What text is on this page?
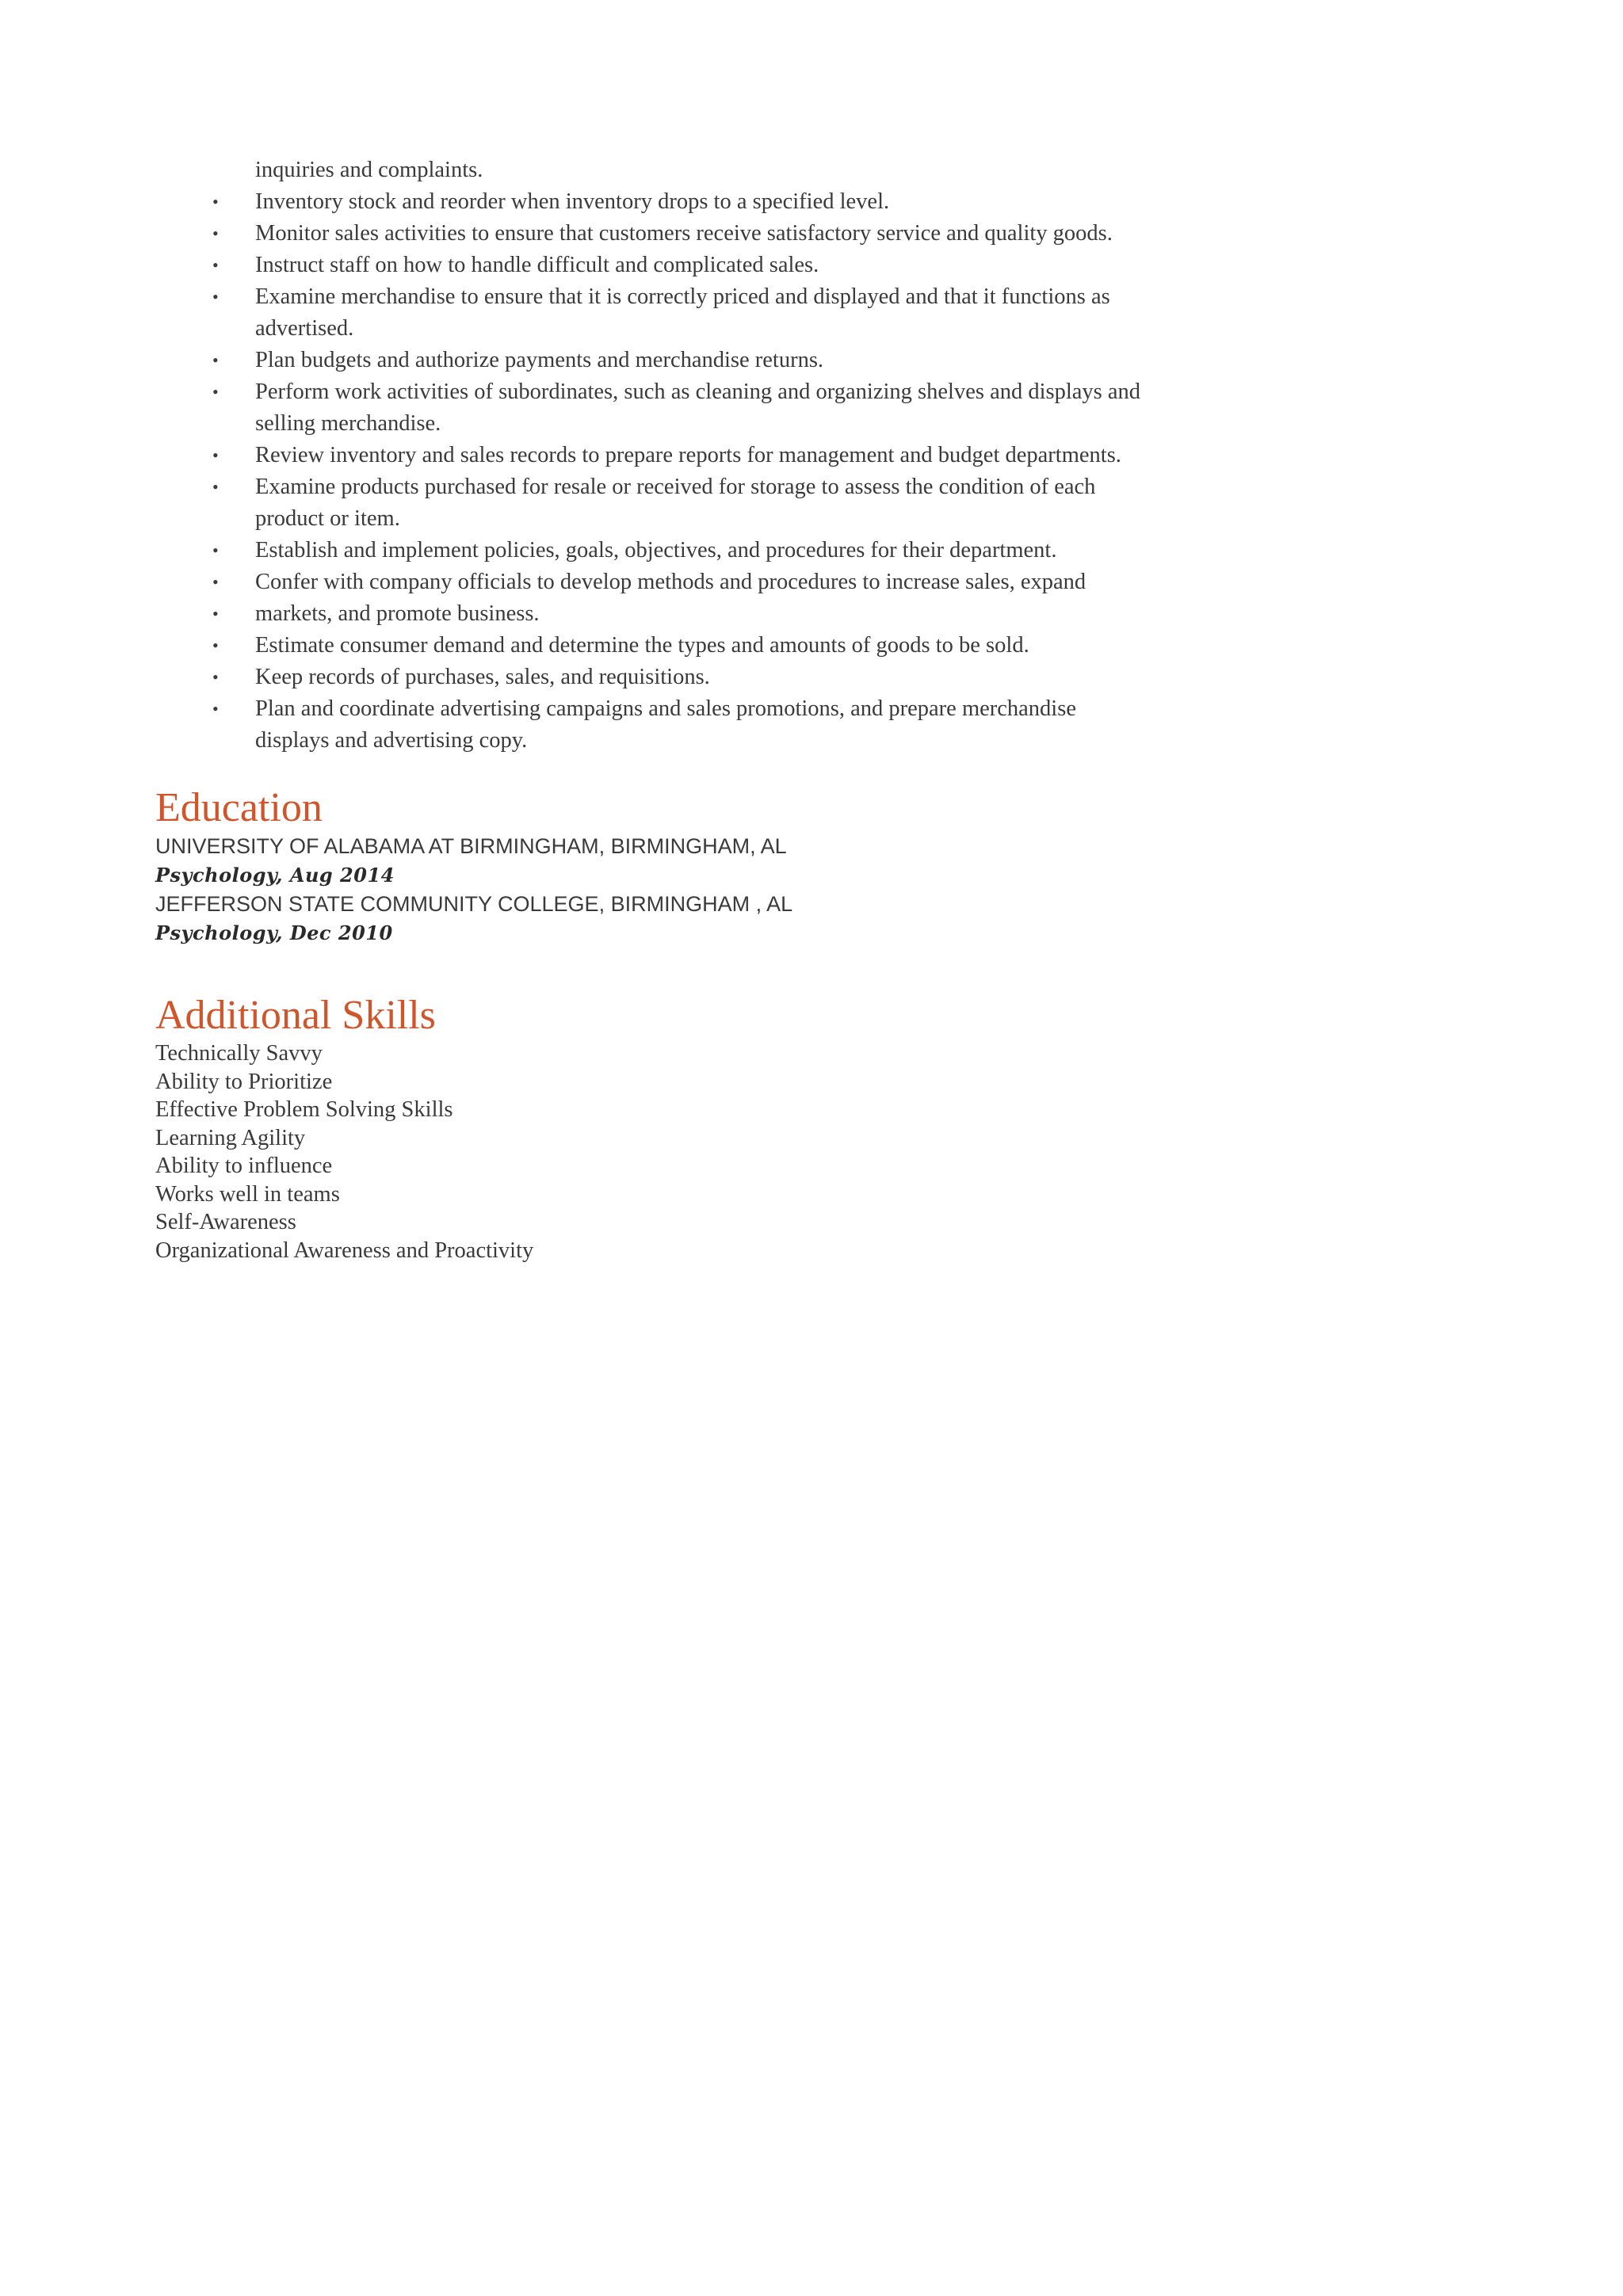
inquiries and complaints.
• Inventory stock and reorder when inventory drops to a specified level.
• Monitor sales activities to ensure that customers receive satisfactory service and quality goods.
• Instruct staff on how to handle difficult and complicated sales.
• Examine merchandise to ensure that it is correctly priced and displayed and that it functions as
advertised.
• Plan budgets and authorize payments and merchandise returns.
• Perform work activities of subordinates, such as cleaning and organizing shelves and displays and
selling merchandise.
• Review inventory and sales records to prepare reports for management and budget departments.
• Examine products purchased for resale or received for storage to assess the condition of each
product or item.
• Establish and implement policies, goals, objectives, and procedures for their department.
• Confer with company officials to develop methods and procedures to increase sales, expand
• markets, and promote business.
• Estimate consumer demand and determine the types and amounts of goods to be sold.
• Keep records of purchases, sales, and requisitions.
• Plan and coordinate advertising campaigns and sales promotions, and prepare merchandise
displays and advertising copy.
Education
UNIVERSITY OF ALABAMA AT BIRMINGHAM, BIRMINGHAM, AL
Psychology, Aug 2014
JEFFERSON STATE COMMUNITY COLLEGE, BIRMINGHAM , AL
Psychology, Dec 2010
Additional Skills
Technically Savvy
Ability to Prioritize
Effective Problem Solving Skills
Learning Agility
Ability to influence
Works well in teams
Self-Awareness
Organizational Awareness and Proactivity
